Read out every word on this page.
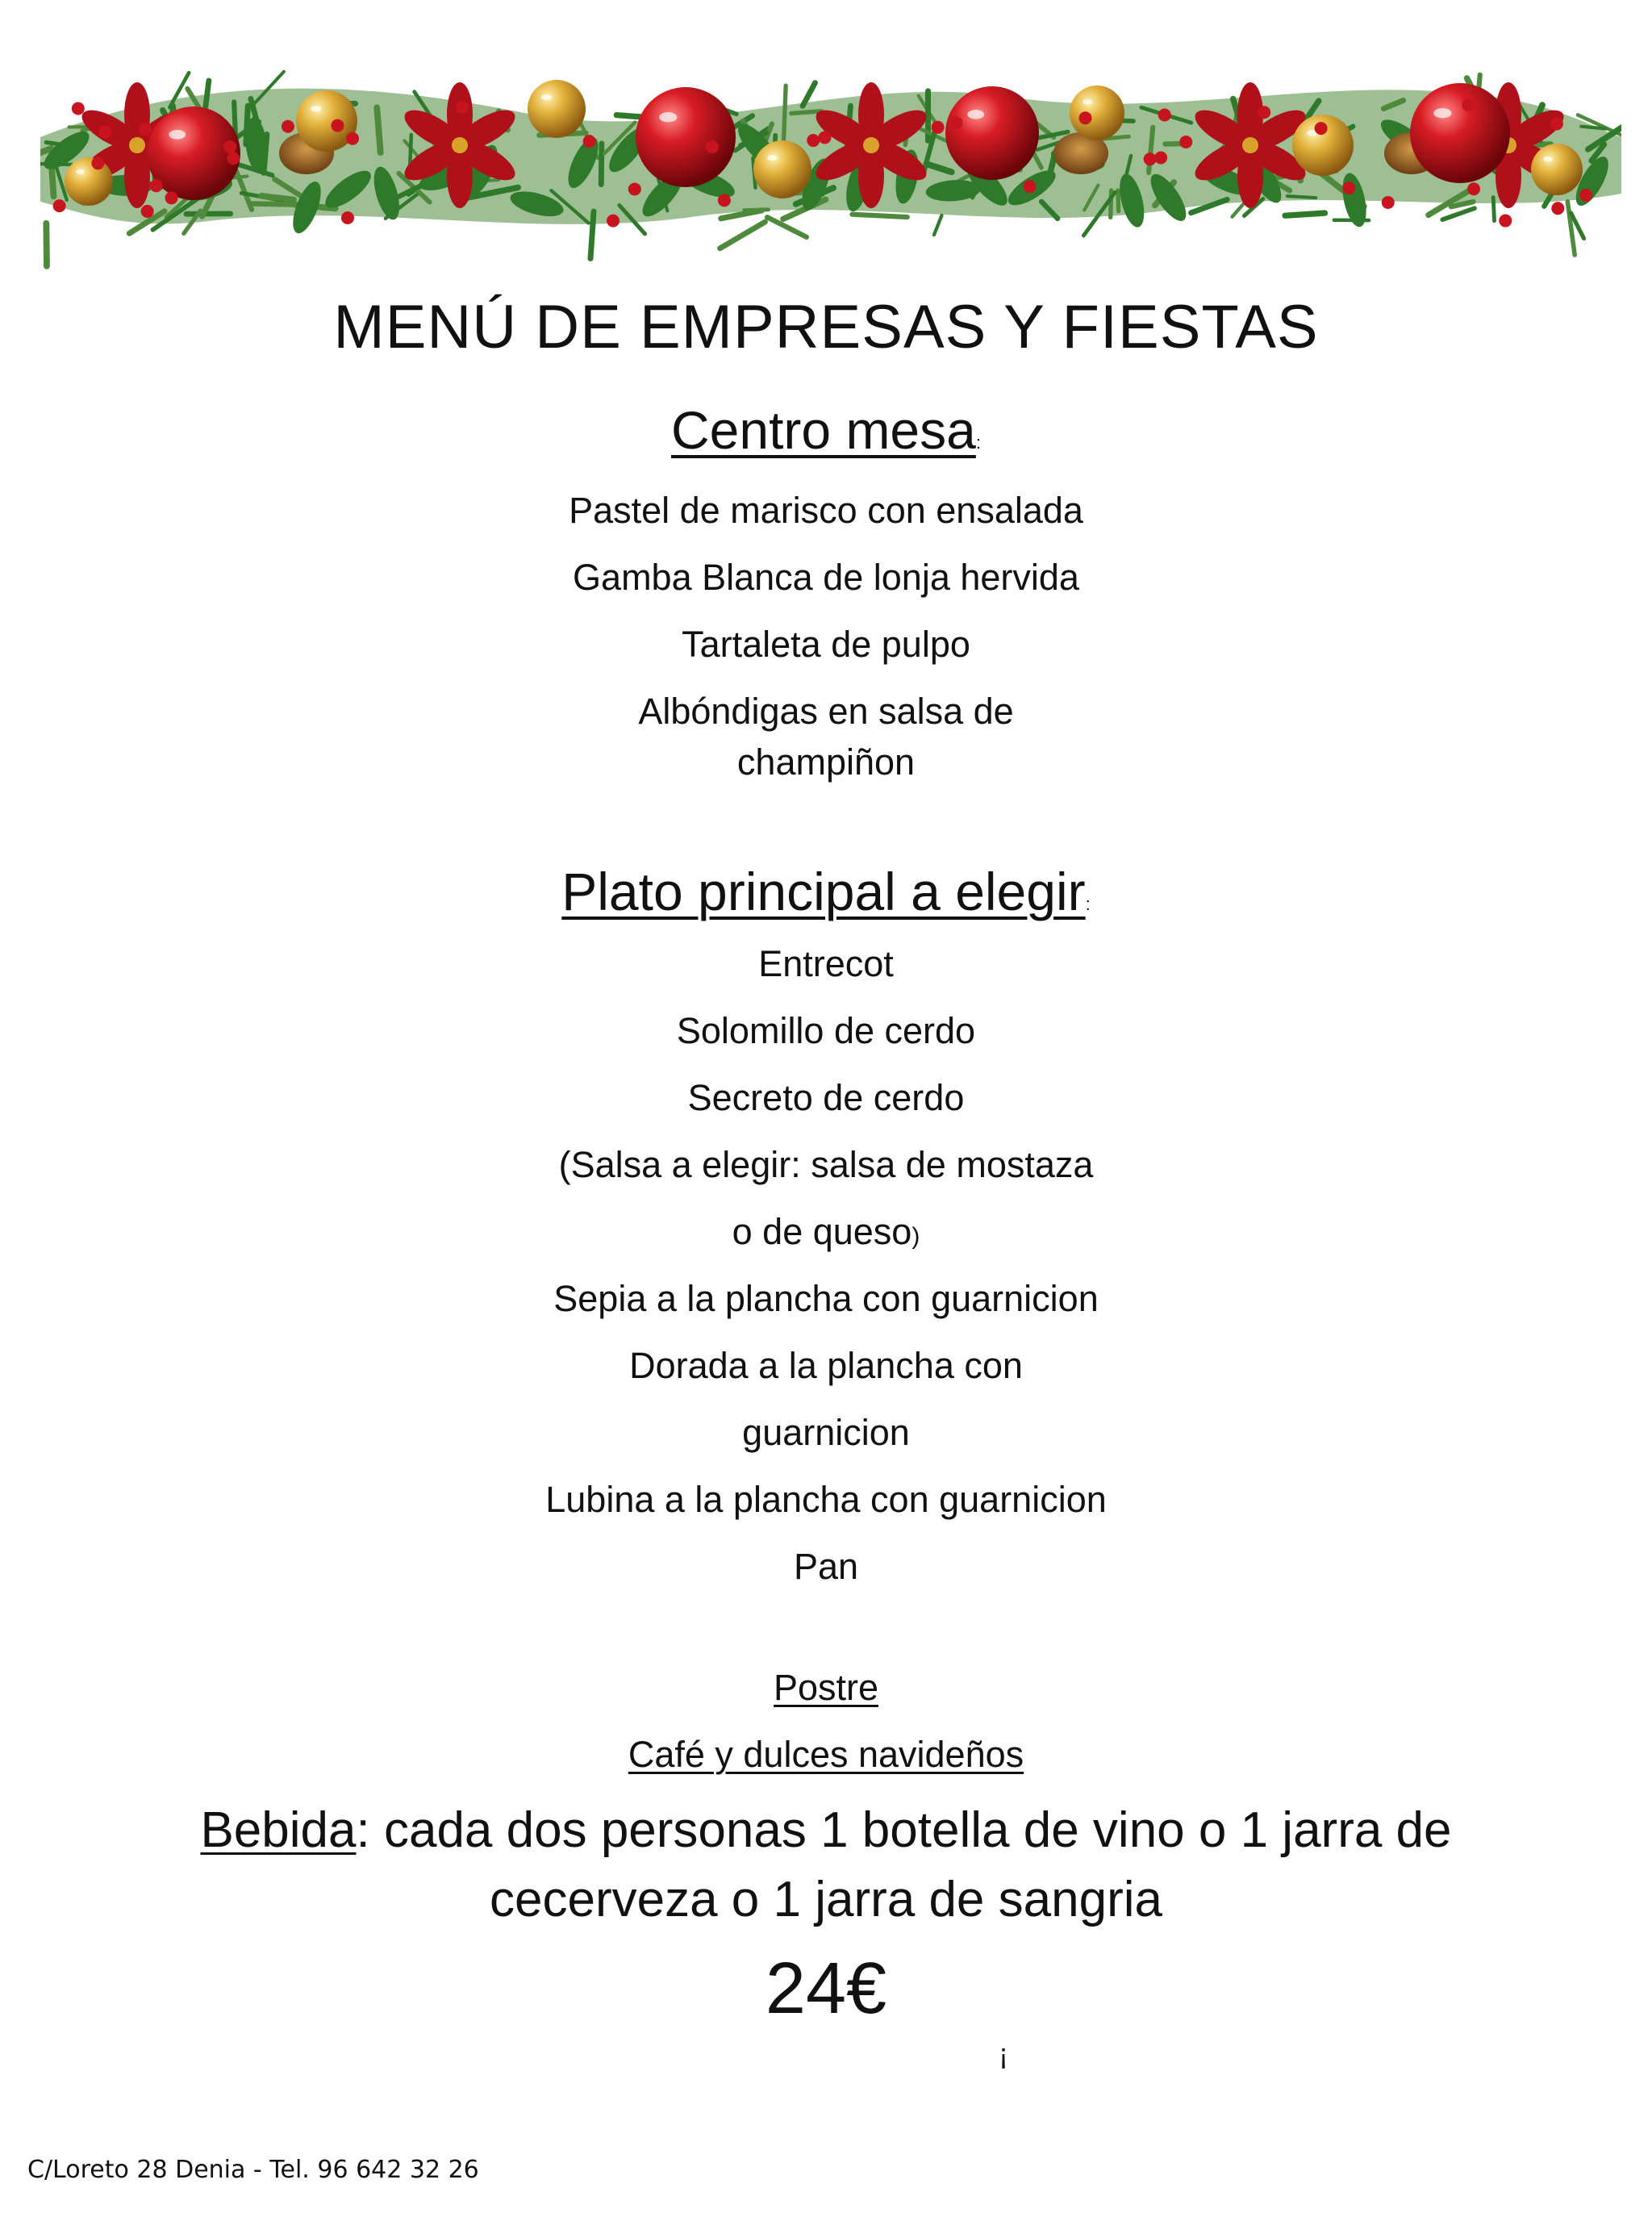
MENÚ DE EMPRESAS Y FIESTAS
Centro mesa:
Pastel de marisco con ensalada
Gamba Blanca de lonja hervida
Tartaleta de pulpo
Albóndigas en salsa de
champiñon
Plato principal a elegir:
Entrecot
Solomillo de cerdo
Secreto de cerdo
(Salsa a elegir: salsa de mostaza
o de queso)
Sepia a la plancha con guarnicion
Dorada a la plancha con
guarnicion
Lubina a la plancha con guarnicion
Pan
Postre
Café y dulces navideños
Bebida: cada dos personas 1 botella de vino o 1 jarra de
cecerveza o 1 jarra de sangria
24€
¡
C/Loreto 28 Denia - Tel. 96 642 32 26
